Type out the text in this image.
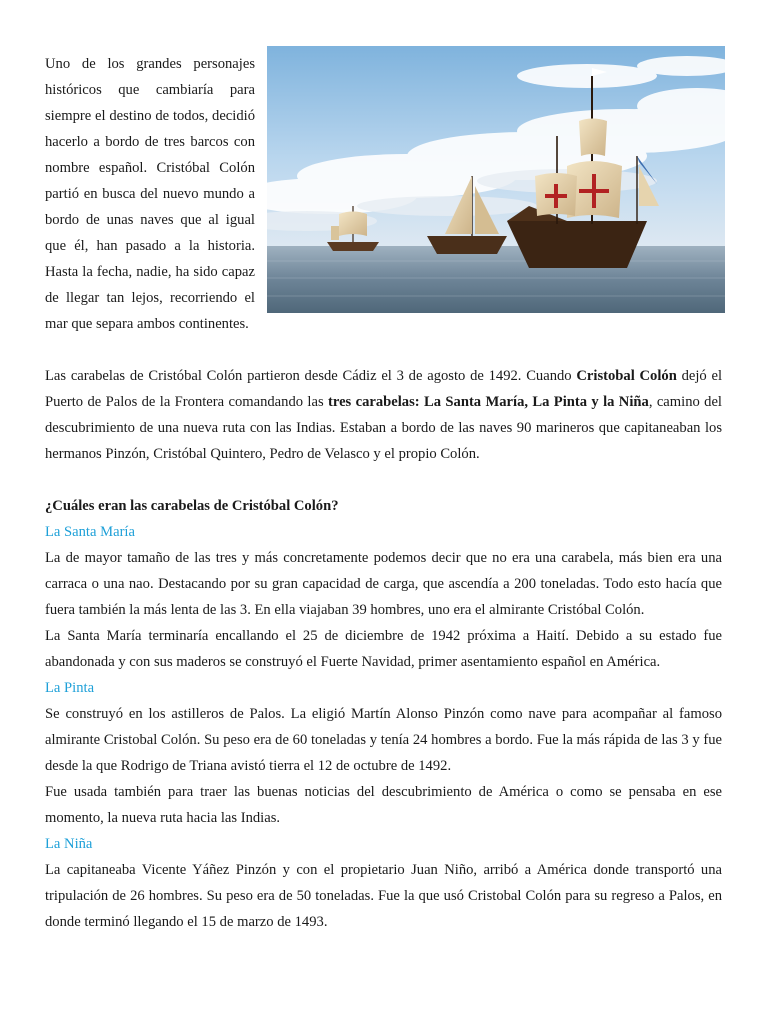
Uno de los grandes personajes históricos que cambiaría para siempre el destino de todos, decidió hacerlo a bordo de tres barcos con nombre español. Cristóbal Colón partió en busca del nuevo mundo a bordo de unas naves que al igual que él, han pasado a la historia. Hasta la fecha, nadie, ha sido capaz de llegar tan lejos, recorriendo el mar que separa ambos continentes.

Las carabelas de Cristóbal Colón partieron desde Cádiz el 3 de agosto de 1492. Cuando Cristobal Colón dejó el Puerto de Palos de la Frontera comandando las tres carabelas: La Santa María, La Pinta y la Niña, camino del descubrimiento de una nueva ruta con las Indias. Estaban a bordo de las naves 90 marineros que capitaneaban los hermanos Pinzón, Cristóbal Quintero, Pedro de Velasco y el propio Colón.

¿Cuáles eran las carabelas de Cristóbal Colón?

La Santa María

La de mayor tamaño de las tres y más concretamente podemos decir que no era una carabela, más bien era una carraca o una nao. Destacando por su gran capacidad de carga, que ascendía a 200 toneladas. Todo esto hacía que fuera también la más lenta de las 3. En ella viajaban 39 hombres, uno era el almirante Cristóbal Colón.

La Santa María terminaría encallando el 25 de diciembre de 1942 próxima a Haití. Debido a su estado fue abandonada y con sus maderos se construyó el Fuerte Navidad, primer asentamiento español en América.

La Pinta

Se construyó en los astilleros de Palos. La eligió Martín Alonso Pinzón como nave para acompañar al famoso almirante Cristobal Colón. Su peso era de 60 toneladas y tenía 24 hombres a bordo. Fue la más rápida de las 3 y fue desde la que Rodrigo de Triana avistó tierra el 12 de octubre de 1492.

Fue usada también para traer las buenas noticias del descubrimiento de América o como se pensaba en ese momento, la nueva ruta hacia las Indias.

La Niña

La capitaneaba Vicente Yáñez Pinzón y con el propietario Juan Niño, arribó a América donde transportó una tripulación de 26 hombres. Su peso era de 50 toneladas. Fue la que usó Cristobal Colón para su regreso a Palos, en donde terminó llegando el 15 de marzo de 1493.
